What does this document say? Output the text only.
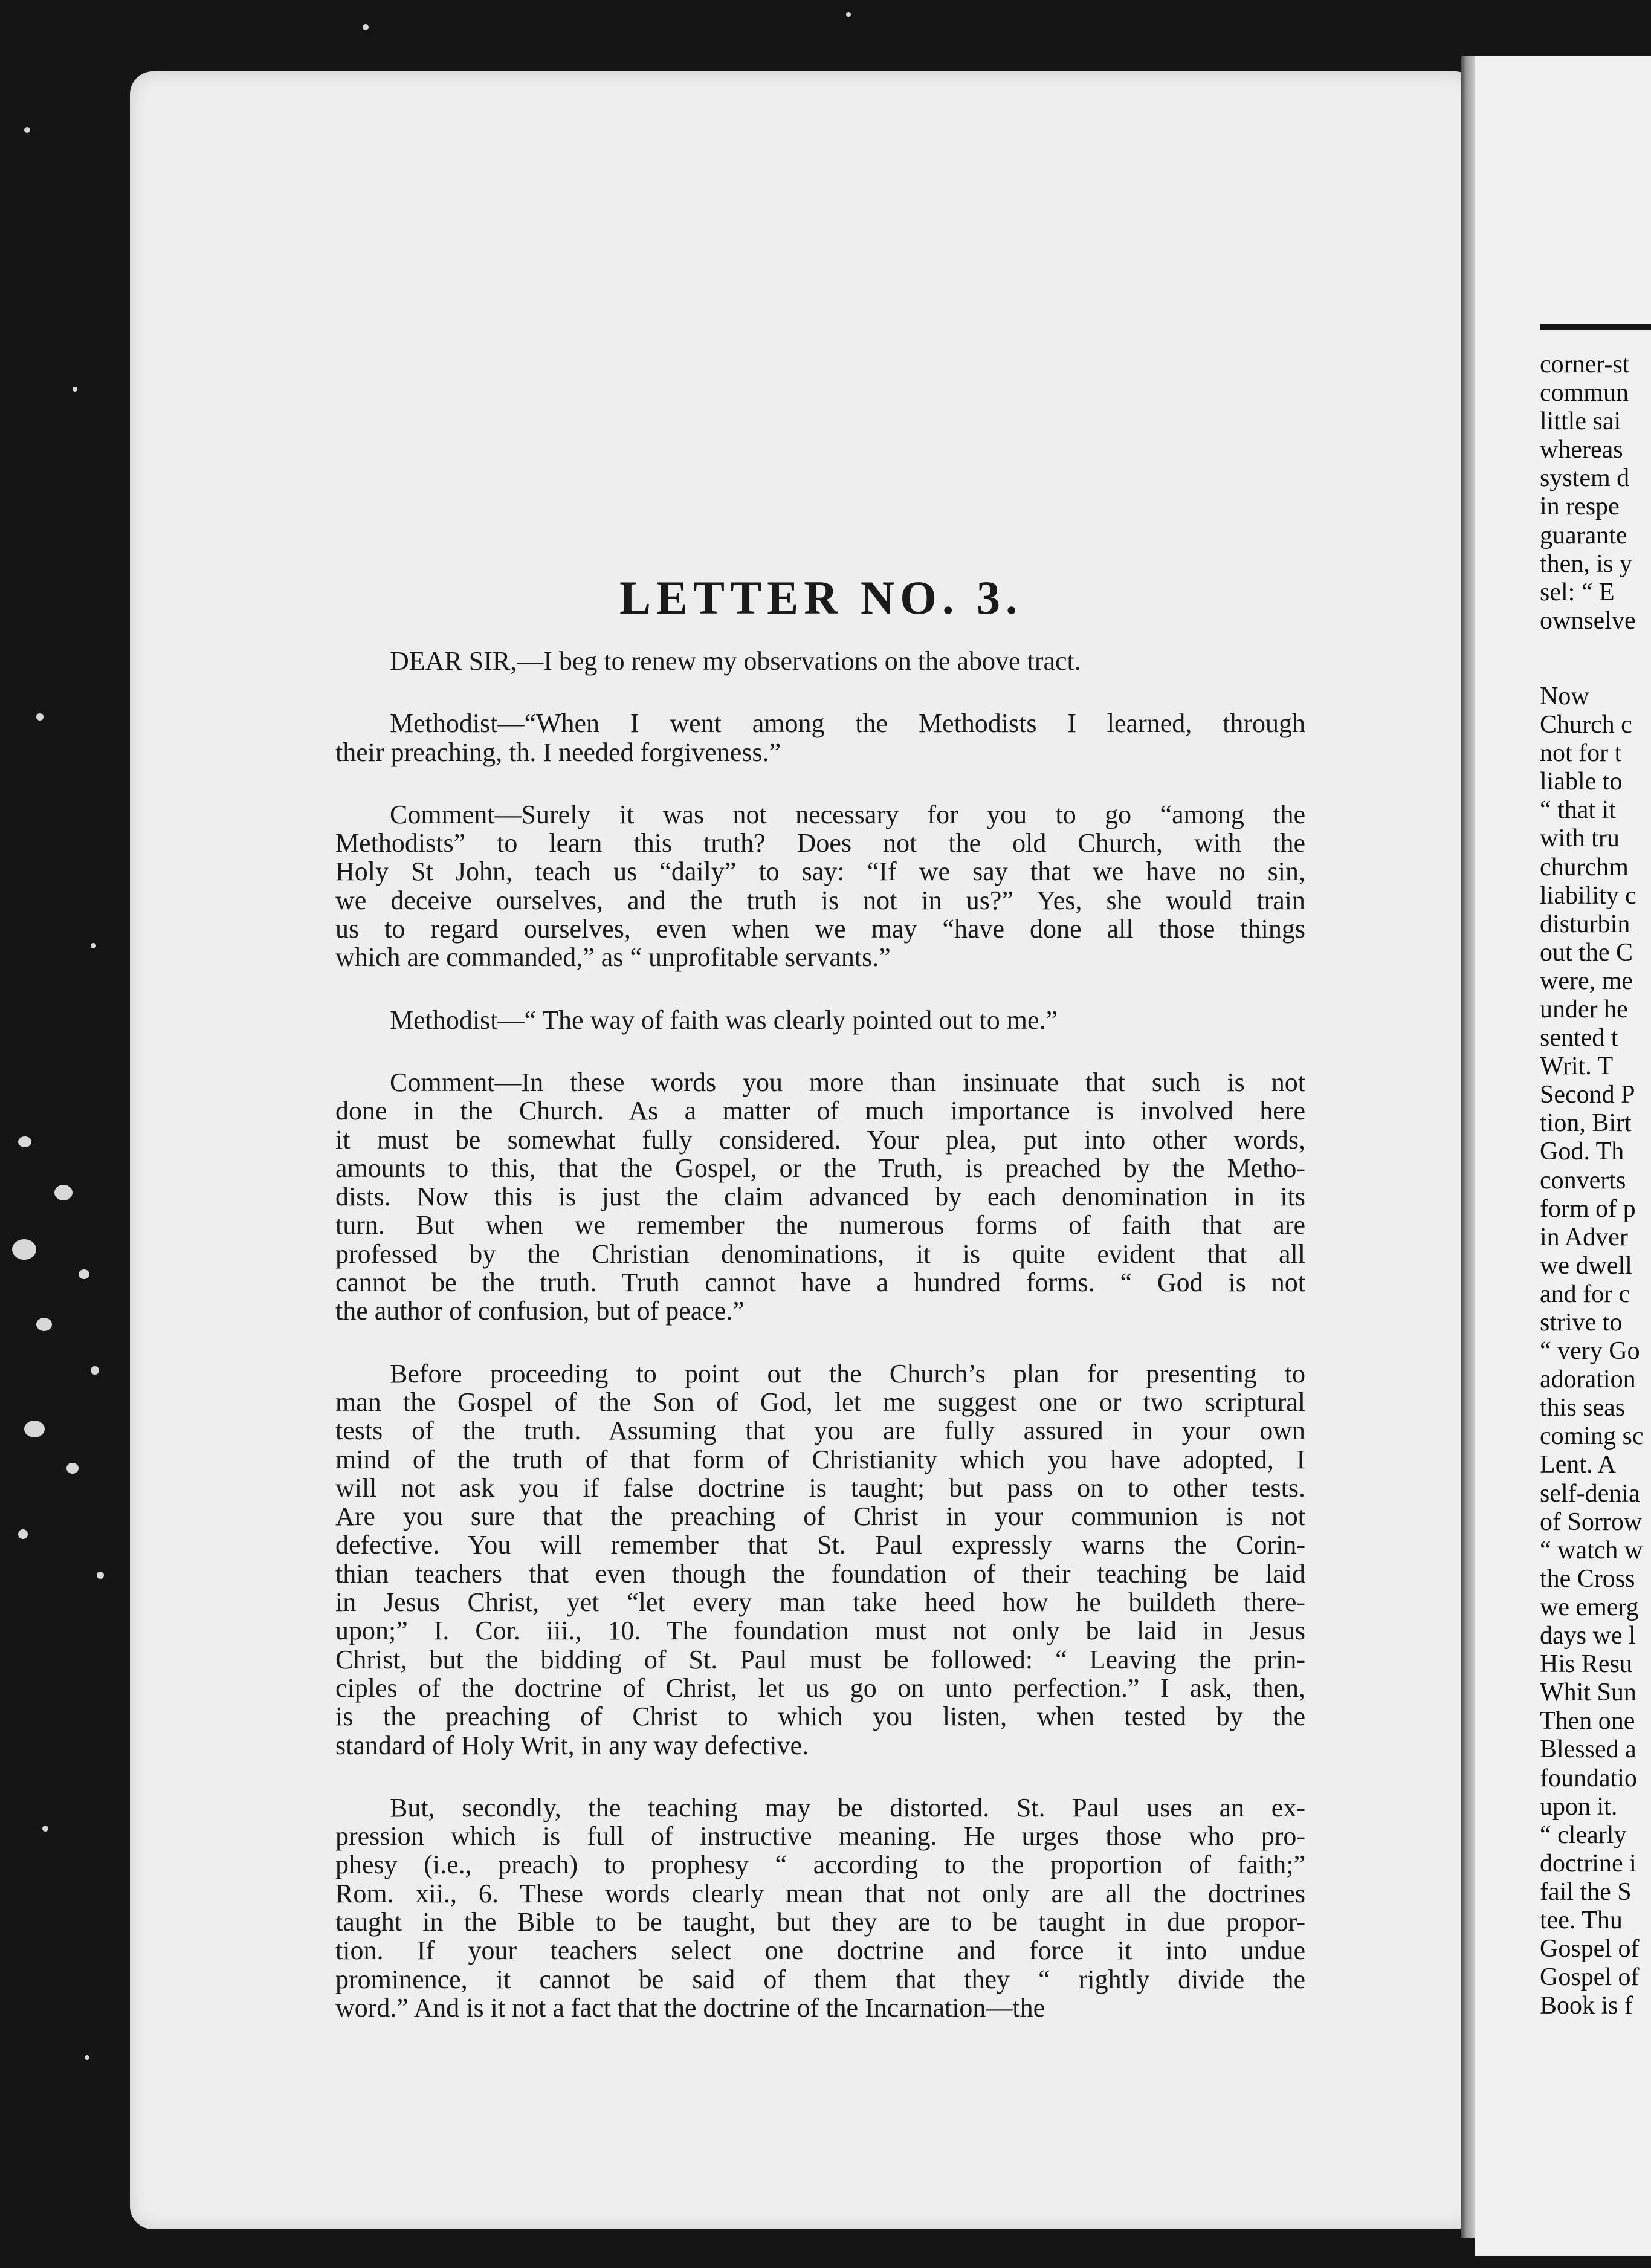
LETTER NO. 3.
DEAR SIR,—I beg to renew my observations on the above tract.
Methodist—“When I went among the Methodists I learned, through
their preaching, th. I needed forgiveness.”
Comment—Surely it was not necessary for you to go “among the
Methodists” to learn this truth? Does not the old Church, with the
Holy St John, teach us “daily” to say: “If we say that we have no sin,
we deceive ourselves, and the truth is not in us?” Yes, she would train
us to regard ourselves, even when we may “have done all those things
which are commanded,” as “ unprofitable servants.”
Methodist—“ The way of faith was clearly pointed out to me.”
Comment—In these words you more than insinuate that such is not
done in the Church. As a matter of much importance is involved here
it must be somewhat fully considered. Your plea, put into other words,
amounts to this, that the Gospel, or the Truth, is preached by the Metho-
dists. Now this is just the claim advanced by each denomination in its
turn. But when we remember the numerous forms of faith that are
professed by the Christian denominations, it is quite evident that all
cannot be the truth. Truth cannot have a hundred forms. “ God is not
the author of confusion, but of peace.”
Before proceeding to point out the Church’s plan for presenting to
man the Gospel of the Son of God, let me suggest one or two scriptural
tests of the truth. Assuming that you are fully assured in your own
mind of the truth of that form of Christianity which you have adopted, I
will not ask you if false doctrine is taught; but pass on to other tests.
Are you sure that the preaching of Christ in your communion is not
defective. You will remember that St. Paul expressly warns the Corin-
thian teachers that even though the foundation of their teaching be laid
in Jesus Christ, yet “let every man take heed how he buildeth there-
upon;” I. Cor. iii., 10. The foundation must not only be laid in Jesus
Christ, but the bidding of St. Paul must be followed: “ Leaving the prin-
ciples of the doctrine of Christ, let us go on unto perfection.” I ask, then,
is the preaching of Christ to which you listen, when tested by the
standard of Holy Writ, in any way defective.
But, secondly, the teaching may be distorted. St. Paul uses an ex-
pression which is full of instructive meaning. He urges those who pro-
phesy (i.e., preach) to prophesy “ according to the proportion of faith;”
Rom. xii., 6. These words clearly mean that not only are all the doctrines
taught in the Bible to be taught, but they are to be taught in due propor-
tion. If your teachers select one doctrine and force it into undue
prominence, it cannot be said of them that they “ rightly divide the
word.” And is it not a fact that the doctrine of the Incarnation—the
corner-st
commun
little sai
whereas
system d
in respe
guarante
then, is y
sel: “ E
ownselve
Now
Church c
not for t
liable to
“ that it
with tru
churchm
liability c
disturbin
out the C
were, me
under he
sented t
Writ. T
Second P
tion, Birt
God. Th
converts
form of p
in Adver
we dwell
and for c
strive to
“ very Go
adoration
this seas
coming sc
Lent. A
self-denia
of Sorrow
“ watch w
the Cross
we emerg
days we l
His Resu
Whit Sun
Then one
Blessed a
foundatio
upon it.
“ clearly
doctrine i
fail the S
tee. Thu
Gospel of
Gospel of
Book is f
